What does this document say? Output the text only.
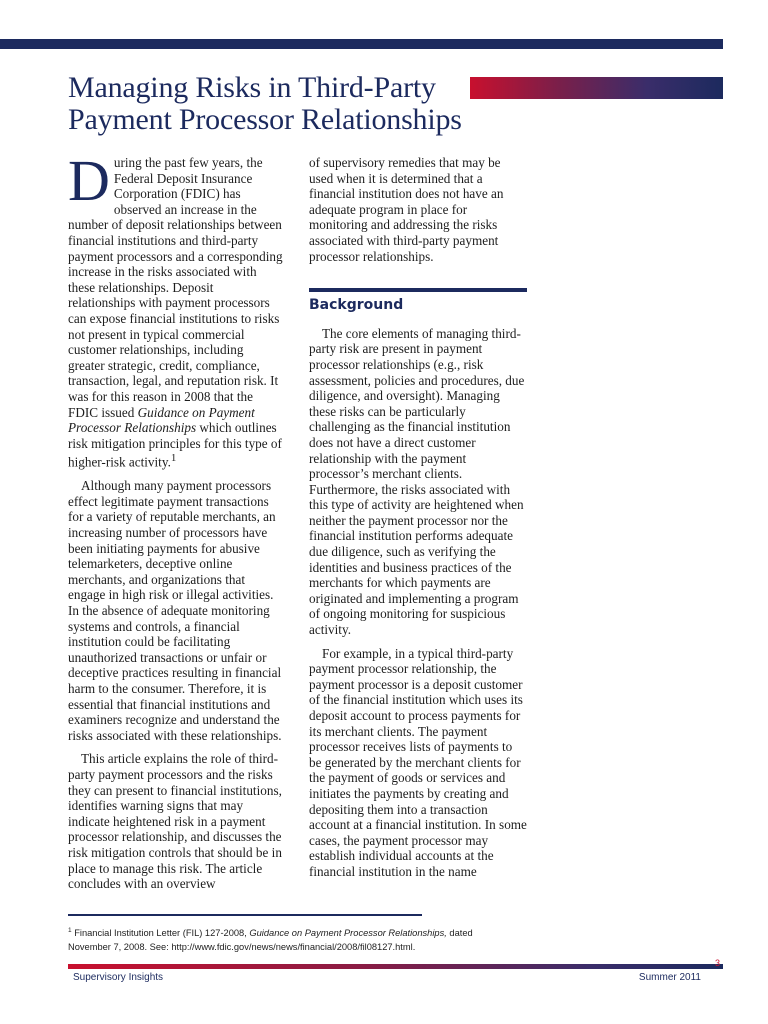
Managing Risks in Third-Party
Payment Processor Relationships

During the past few years, the Federal Deposit Insurance Corporation (FDIC) has observed an increase in the number of deposit relationships between financial institutions and third-party payment processors and a corresponding increase in the risks associated with these relationships. Deposit relationships with payment processors can expose financial institutions to risks not present in typical commercial customer relationships, including greater strategic, credit, compliance, transaction, legal, and reputation risk. It was for this reason in 2008 that the FDIC issued Guidance on Payment Processor Relationships which outlines risk mitigation principles for this type of higher-risk activity.$^1$

Although many payment processors effect legitimate payment transactions for a variety of reputable merchants, an increasing number of processors have been initiating payments for abusive telemarketers, deceptive online merchants, and organizations that engage in high risk or illegal activities. In the absence of adequate monitoring systems and controls, a financial institution could be facilitating unauthorized transactions or unfair or deceptive practices resulting in financial harm to the consumer. Therefore, it is essential that financial institutions and examiners recognize and understand the risks associated with these relationships.

This article explains the role of third-party payment processors and the risks they can present to financial institutions, identifies warning signs that may indicate heightened risk in a payment processor relationship, and discusses the risk mitigation controls that should be in place to manage this risk. The article concludes with an overview

of supervisory remedies that may be used when it is determined that a financial institution does not have an adequate program in place for monitoring and addressing the risks associated with third-party payment processor relationships.

Background

The core elements of managing third-party risk are present in payment processor relationships (e.g., risk assessment, policies and procedures, due diligence, and oversight). Managing these risks can be particularly challenging as the financial institution does not have a direct customer relationship with the payment processor’s merchant clients. Furthermore, the risks associated with this type of activity are heightened when neither the payment processor nor the financial institution performs adequate due diligence, such as verifying the identities and business practices of the merchants for which payments are originated and implementing a program of ongoing monitoring for suspicious activity.

For example, in a typical third-party payment processor relationship, the payment processor is a deposit customer of the financial institution which uses its deposit account to process payments for its merchant clients. The payment processor receives lists of payments to be generated by the merchant clients for the payment of goods or services and initiates the payments by creating and depositing them into a transaction account at a financial institution. In some cases, the payment processor may establish individual accounts at the financial institution in the name

$^1$ Financial Institution Letter (FIL) 127-2008, Guidance on Payment Processor Relationships, dated November 7, 2008. See: http://www.fdic.gov/news/news/financial/2008/fil08127.html.

3
Supervisory Insights	Summer 2011
